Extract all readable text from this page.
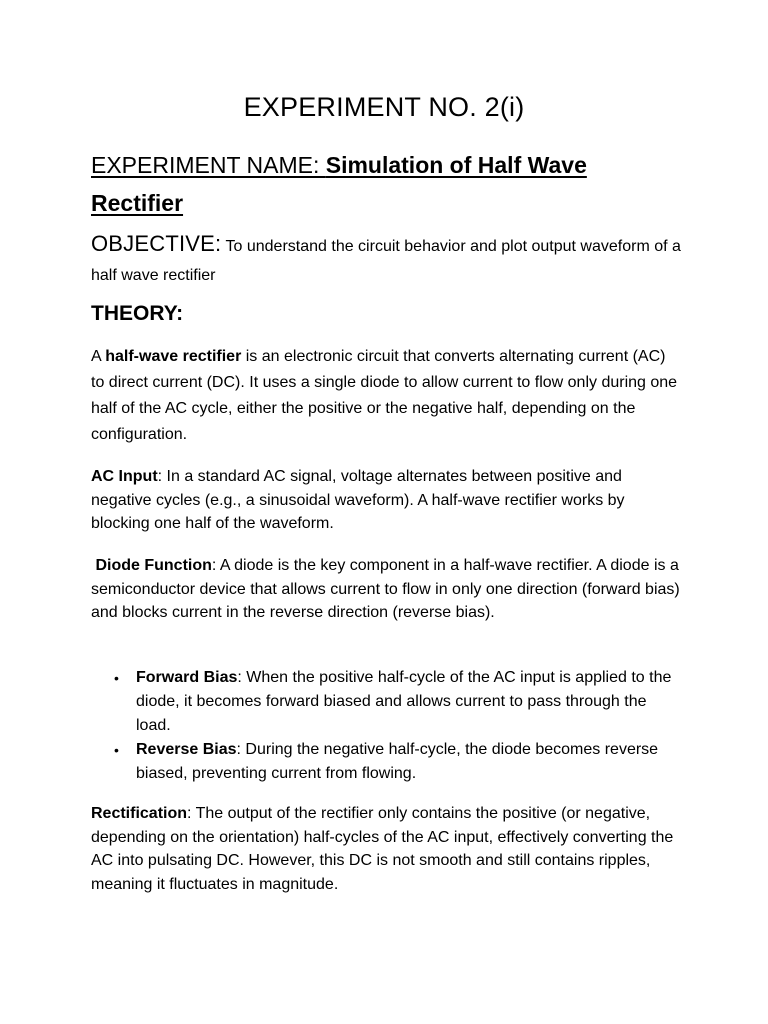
EXPERIMENT NO. 2(i)
EXPERIMENT NAME: Simulation of Half Wave Rectifier

OBJECTIVE: To understand the circuit behavior and plot output waveform of a half wave rectifier

THEORY:

A half-wave rectifier is an electronic circuit that converts alternating current (AC) to direct current (DC). It uses a single diode to allow current to flow only during one half of the AC cycle, either the positive or the negative half, depending on the configuration.

AC Input: In a standard AC signal, voltage alternates between positive and negative cycles (e.g., a sinusoidal waveform). A half-wave rectifier works by blocking one half of the waveform.

Diode Function: A diode is the key component in a half-wave rectifier. A diode is a semiconductor device that allows current to flow in only one direction (forward bias) and blocks current in the reverse direction (reverse bias).

• Forward Bias: When the positive half-cycle of the AC input is applied to the diode, it becomes forward biased and allows current to pass through the load.
• Reverse Bias: During the negative half-cycle, the diode becomes reverse biased, preventing current from flowing.

Rectification: The output of the rectifier only contains the positive (or negative, depending on the orientation) half-cycles of the AC input, effectively converting the AC into pulsating DC. However, this DC is not smooth and still contains ripples, meaning it fluctuates in magnitude.
